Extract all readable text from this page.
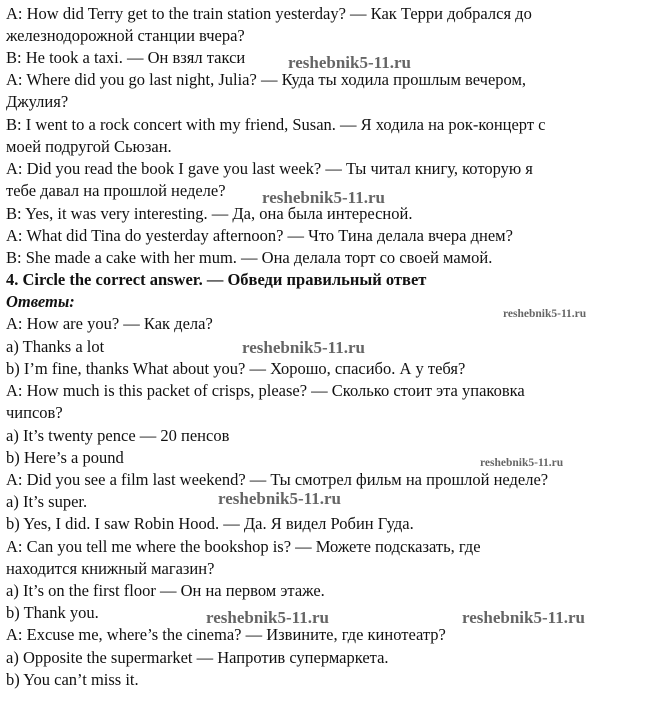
A: How did Terry get to the train station yesterday? — Как Терри добрался до
железнодорожной станции вчера?
B: He took a taxi. — Он взял такси
A: Where did you go last night, Julia? — Куда ты ходила прошлым вечером,
Джулия?
B: I went to a rock concert with my friend, Susan. — Я ходила на рок-концерт с
моей подругой Сьюзан.
A: Did you read the book I gave you last week? — Ты читал книгу, которую я
тебе давал на прошлой неделе?
B: Yes, it was very interesting. — Да, она была интересной.
A: What did Tina do yesterday afternoon? — Что Тина делала вчера днем?
B: She made a cake with her mum. — Она делала торт со своей мамой.
4. Circle the correct answer. — Обведи правильный ответ
Ответы:
A: How are you? — Как дела?
a) Thanks a lot
b) I’m fine, thanks What about you? — Хорошо, спасибо. А у тебя?
A: How much is this packet of crisps, please? — Сколько стоит эта упаковка
чипсов?
a) It’s twenty pence — 20 пенсов
b) Here’s a pound
A: Did you see a film last weekend? — Ты смотрел фильм на прошлой неделе?
a) It’s super.
b) Yes, I did. I saw Robin Hood. — Да. Я видел Робин Гуда.
A: Can you tell me where the bookshop is? — Можете подсказать, где
находится книжный магазин?
a) It’s on the first floor — Он на первом этаже.
b) Thank you.
A: Excuse me, where’s the cinema? — Извините, где кинотеатр?
a) Opposite the supermarket — Напротив супермаркета.
b) You can’t miss it.
reshebnik5-11.ru
reshebnik5-11.ru
reshebnik5-11.ru
reshebnik5-11.ru
reshebnik5-11.ru
reshebnik5-11.ru
reshebnik5-11.ru	reshebnik5-11.ru
